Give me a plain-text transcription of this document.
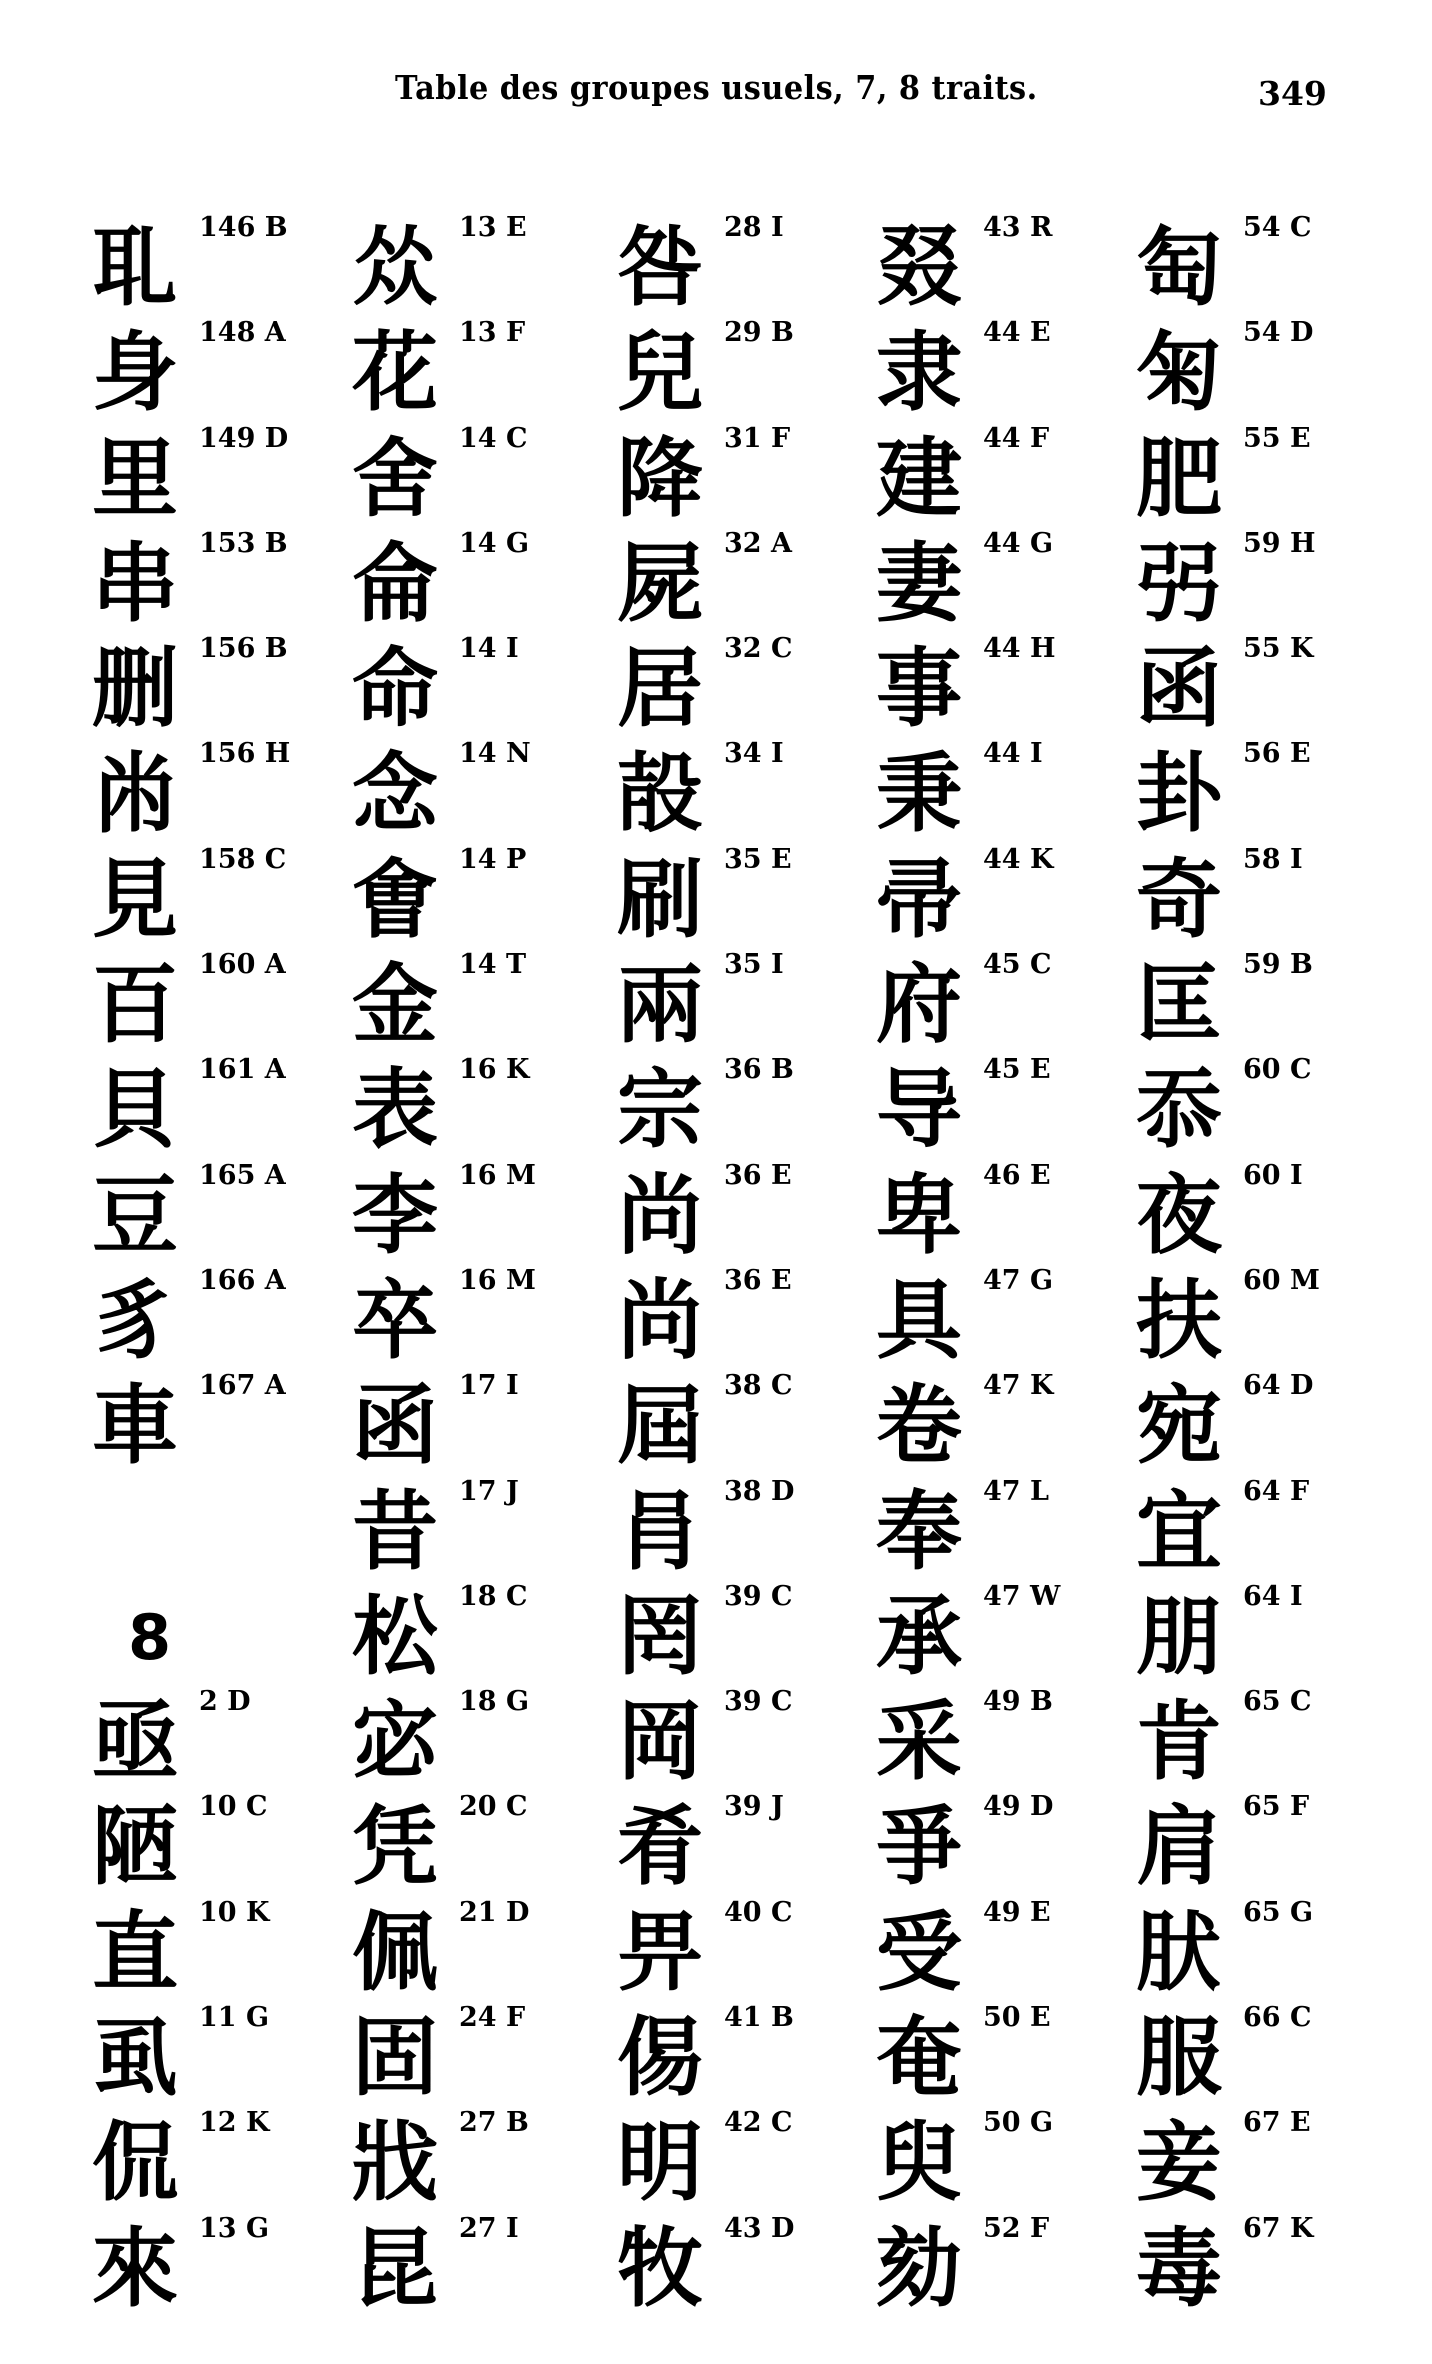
Table des groupes usuels, 7, 8 traits.	349
耴 146 B
身 148 A
里 149 D
串 153 B
删 156 B
㡀 156 H
見 158 C
百 160 A
貝 161 A
豆 165 A
豸 166 A
車 167 A
8
亟 2 D
陋 10 C
直 10 K
虱 11 G
侃 12 K
來 13 G
𠈌 13 E
花 13 F
舍 14 C
侖 14 G
命 14 I
念 14 N
㑹 14 P
金 14 T
表 16 K
李 16 M
卒 16 M
函 17 I
昔 17 J
松 18 C
宓 18 G
凭 20 C
佩 21 D
固 24 F
戕 27 B
昆 27 I
咎 28 I
兒 29 B
降 31 F
屍 32 A
居 32 C
㱿 34 I
刷 35 E
兩 35 I
宗 36 B
尚 36 E
尚 36 E
屆 38 C
肙 38 D
罔 39 C
岡 39 C
肴 39 J
畀 40 C
㑥 41 B
明 42 C
牧 43 D
叕 43 R
隶 44 E
建 44 F
妻 44 G
事 44 H
秉 44 I
帚 44 K
府 45 C
导 45 E
卑 46 E
具 47 G
卷 47 K
奉 47 L
承 47 W
采 49 B
爭 49 D
受 49 E
奄 50 E
臾 50 G
劾 52 F
匋 54 C
匊 54 D
肥 55 E
弜 59 H
函 55 K
卦 56 E
奇 58 I
匡 59 B
忝 60 C
夜 60 I
扶 60 M
宛 64 D
宜 64 F
朋 64 I
肯 65 C
肩 65 F
肰 65 G
服 66 C
妾 67 E
毒 67 K
